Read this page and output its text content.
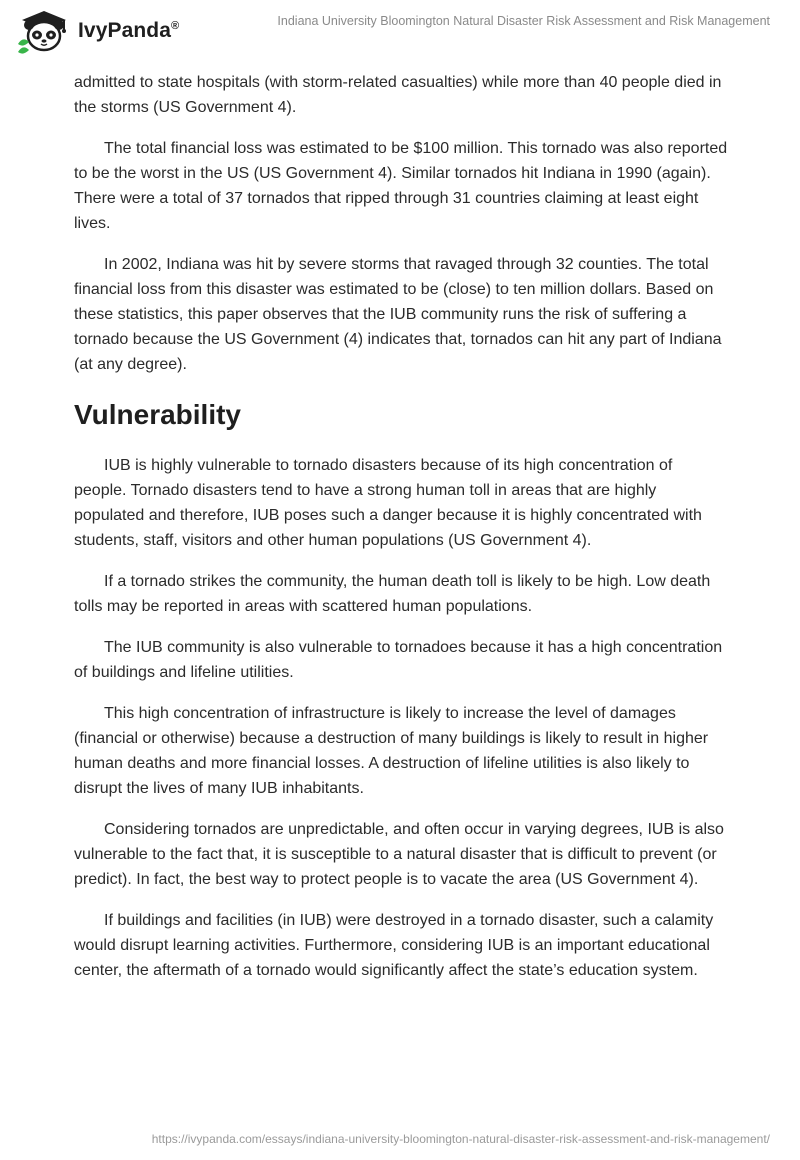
IvyPanda®	Indiana University Bloomington Natural Disaster Risk Assessment and Risk Management

admitted to state hospitals (with storm-related casualties) while more than 40 people died in the storms (US Government 4).

The total financial loss was estimated to be $100 million. This tornado was also reported to be the worst in the US (US Government 4). Similar tornados hit Indiana in 1990 (again). There were a total of 37 tornados that ripped through 31 countries claiming at least eight lives.

In 2002, Indiana was hit by severe storms that ravaged through 32 counties. The total financial loss from this disaster was estimated to be (close) to ten million dollars. Based on these statistics, this paper observes that the IUB community runs the risk of suffering a tornado because the US Government (4) indicates that, tornados can hit any part of Indiana (at any degree).

Vulnerability

IUB is highly vulnerable to tornado disasters because of its high concentration of people. Tornado disasters tend to have a strong human toll in areas that are highly populated and therefore, IUB poses such a danger because it is highly concentrated with students, staff, visitors and other human populations (US Government 4).

If a tornado strikes the community, the human death toll is likely to be high. Low death tolls may be reported in areas with scattered human populations.

The IUB community is also vulnerable to tornadoes because it has a high concentration of buildings and lifeline utilities.

This high concentration of infrastructure is likely to increase the level of damages (financial or otherwise) because a destruction of many buildings is likely to result in higher human deaths and more financial losses. A destruction of lifeline utilities is also likely to disrupt the lives of many IUB inhabitants.

Considering tornados are unpredictable, and often occur in varying degrees, IUB is also vulnerable to the fact that, it is susceptible to a natural disaster that is difficult to prevent (or predict). In fact, the best way to protect people is to vacate the area (US Government 4).

If buildings and facilities (in IUB) were destroyed in a tornado disaster, such a calamity would disrupt learning activities. Furthermore, considering IUB is an important educational center, the aftermath of a tornado would significantly affect the state’s education system.

https://ivypanda.com/essays/indiana-university-bloomington-natural-disaster-risk-assessment-and-risk-management/
